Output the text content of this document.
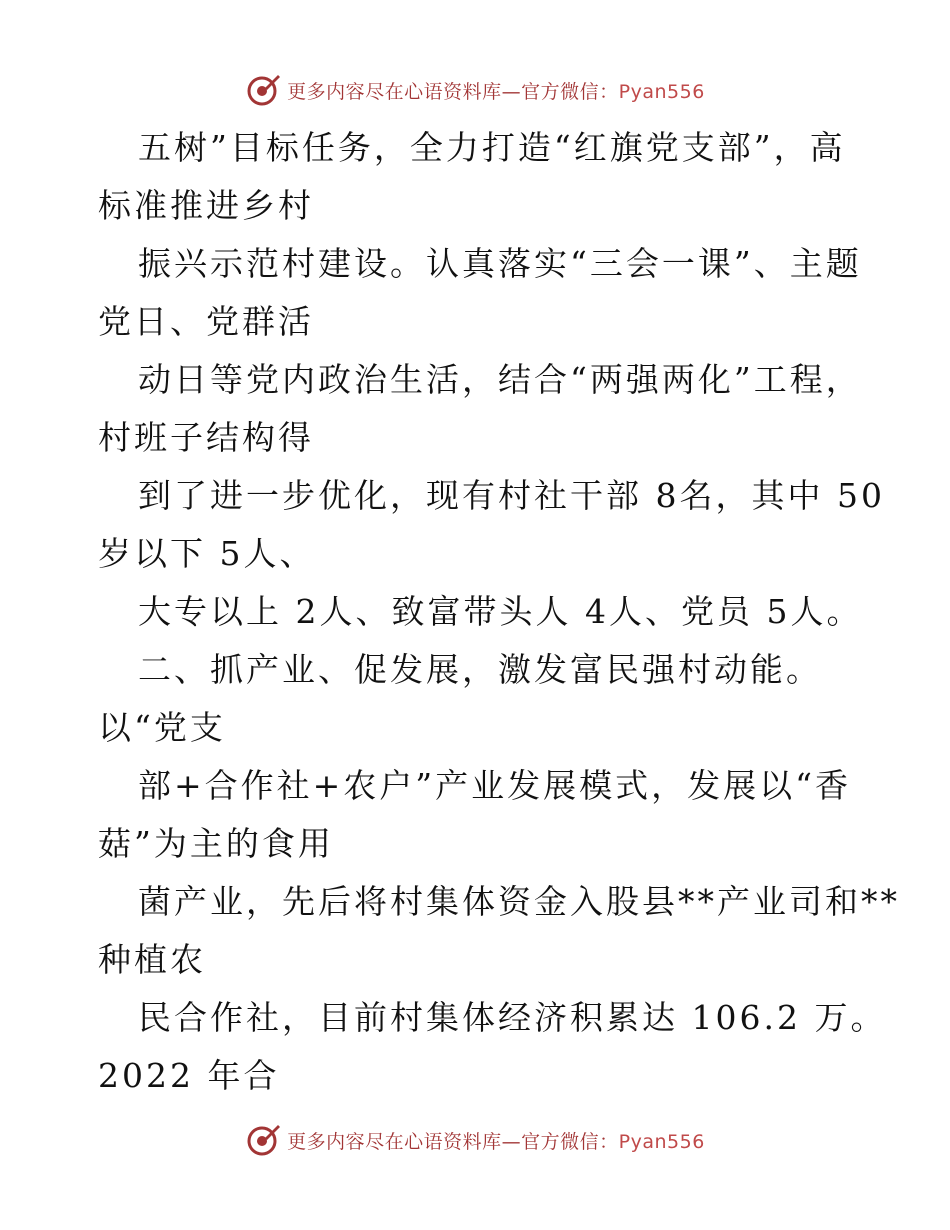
更多内容尽在心语资料库—官方微信：Pyan556
五树”目标任务，全力打造“红旗党支部”，高
标准推进乡村
振兴示范村建设。认真落实“三会一课”、主题
党日、党群活
动日等党内政治生活，结合“两强两化”工程，
村班子结构得
到了进一步优化，现有村社干部 8名，其中 50
岁以下 5人、
大专以上 2人、致富带头人 4人、党员 5人。
二、抓产业、促发展，激发富民强村动能。
以“党支
部+合作社+农户”产业发展模式，发展以“香
菇”为主的食用
菌产业，先后将村集体资金入股县**产业司和**
种植农
民合作社，目前村集体经济积累达 106.2 万。
2022 年合
更多内容尽在心语资料库—官方微信：Pyan556
